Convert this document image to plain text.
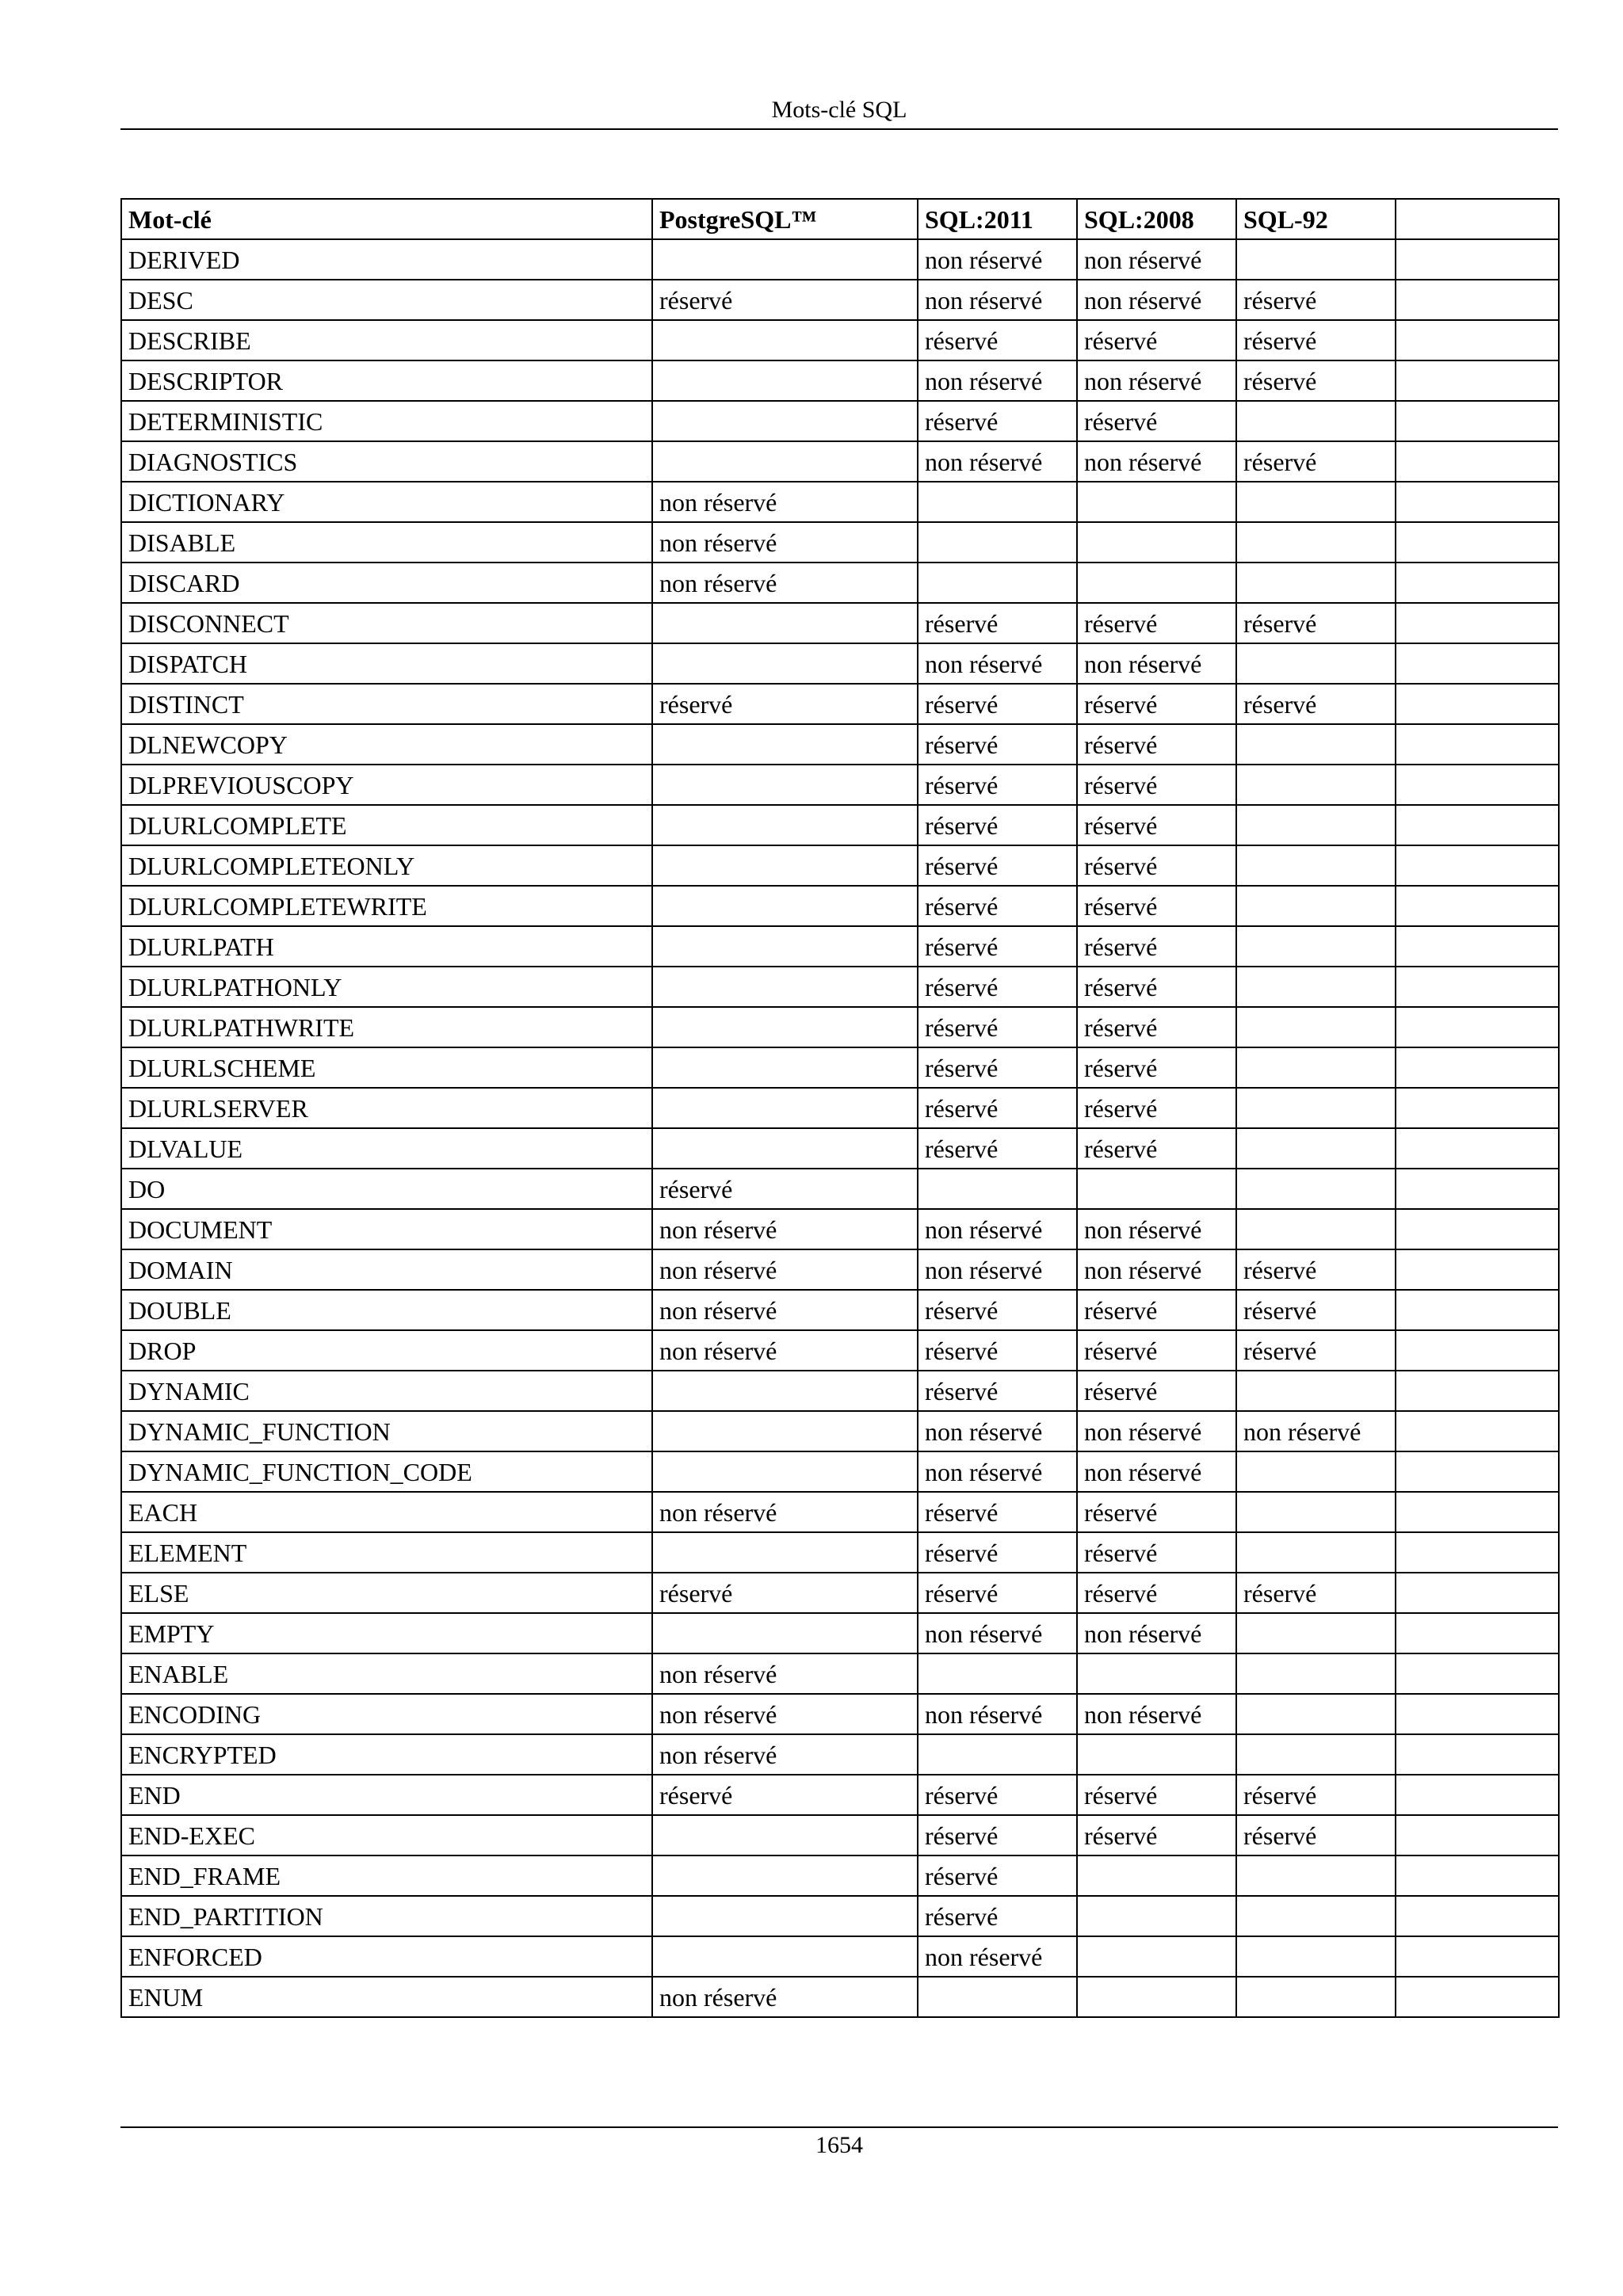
Mots-clé SQL
Mot-clé	PostgreSQL™	SQL:2011	SQL:2008	SQL-92	
DERIVED		non réservé	non réservé		
DESC	réservé	non réservé	non réservé	réservé	
DESCRIBE		réservé	réservé	réservé	
DESCRIPTOR		non réservé	non réservé	réservé	
DETERMINISTIC		réservé	réservé		
DIAGNOSTICS		non réservé	non réservé	réservé	
DICTIONARY	non réservé				
DISABLE	non réservé				
DISCARD	non réservé				
DISCONNECT		réservé	réservé	réservé	
DISPATCH		non réservé	non réservé		
DISTINCT	réservé	réservé	réservé	réservé	
DLNEWCOPY		réservé	réservé		
DLPREVIOUSCOPY		réservé	réservé		
DLURLCOMPLETE		réservé	réservé		
DLURLCOMPLETEONLY		réservé	réservé		
DLURLCOMPLETEWRITE		réservé	réservé		
DLURLPATH		réservé	réservé		
DLURLPATHONLY		réservé	réservé		
DLURLPATHWRITE		réservé	réservé		
DLURLSCHEME		réservé	réservé		
DLURLSERVER		réservé	réservé		
DLVALUE		réservé	réservé		
DO	réservé				
DOCUMENT	non réservé	non réservé	non réservé		
DOMAIN	non réservé	non réservé	non réservé	réservé	
DOUBLE	non réservé	réservé	réservé	réservé	
DROP	non réservé	réservé	réservé	réservé	
DYNAMIC		réservé	réservé		
DYNAMIC_FUNCTION		non réservé	non réservé	non réservé	
DYNAMIC_FUNCTION_CODE		non réservé	non réservé		
EACH	non réservé	réservé	réservé		
ELEMENT		réservé	réservé		
ELSE	réservé	réservé	réservé	réservé	
EMPTY		non réservé	non réservé		
ENABLE	non réservé				
ENCODING	non réservé	non réservé	non réservé		
ENCRYPTED	non réservé				
END	réservé	réservé	réservé	réservé	
END-EXEC		réservé	réservé	réservé	
END_FRAME		réservé			
END_PARTITION		réservé			
ENFORCED		non réservé			
ENUM	non réservé				
1654
